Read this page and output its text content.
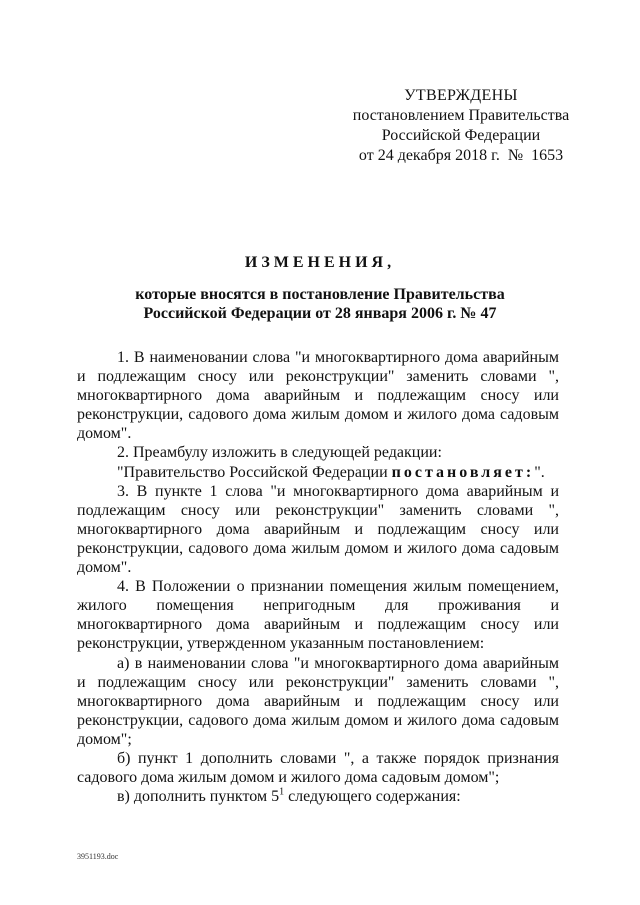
УТВЕРЖДЕНЫ
постановлением Правительства
Российской Федерации
от 24 декабря 2018 г.  №  1653
ИЗМЕНЕНИЯ,
которые вносятся в постановление Правительства
Российской Федерации от 28 января 2006 г. № 47

1. В наименовании слова "и многоквартирного дома аварийным и подлежащим сносу или реконструкции" заменить словами ", многоквартирного дома аварийным и подлежащим сносу или реконструкции, садового дома жилым домом и жилого дома садовым домом".

2. Преамбулу изложить в следующей редакции:

"Правительство Российской Федерации постановляет:".

3. В пункте 1 слова "и многоквартирного дома аварийным и подлежащим сносу или реконструкции" заменить словами ", многоквартирного дома аварийным и подлежащим сносу или реконструкции, садового дома жилым домом и жилого дома садовым домом".

4. В Положении о признании помещения жилым помещением, жилого помещения непригодным для проживания и многоквартирного дома аварийным и подлежащим сносу или реконструкции, утвержденном указанным постановлением:

а) в наименовании слова "и многоквартирного дома аварийным и подлежащим сносу или реконструкции" заменить словами ", многоквартирного дома аварийным и подлежащим сносу или реконструкции, садового дома жилым домом и жилого дома садовым домом";

б) пункт 1 дополнить словами ", а также порядок признания садового дома жилым домом и жилого дома садовым домом";

в) дополнить пунктом $5^1$ следующего содержания:

3951193.doc
